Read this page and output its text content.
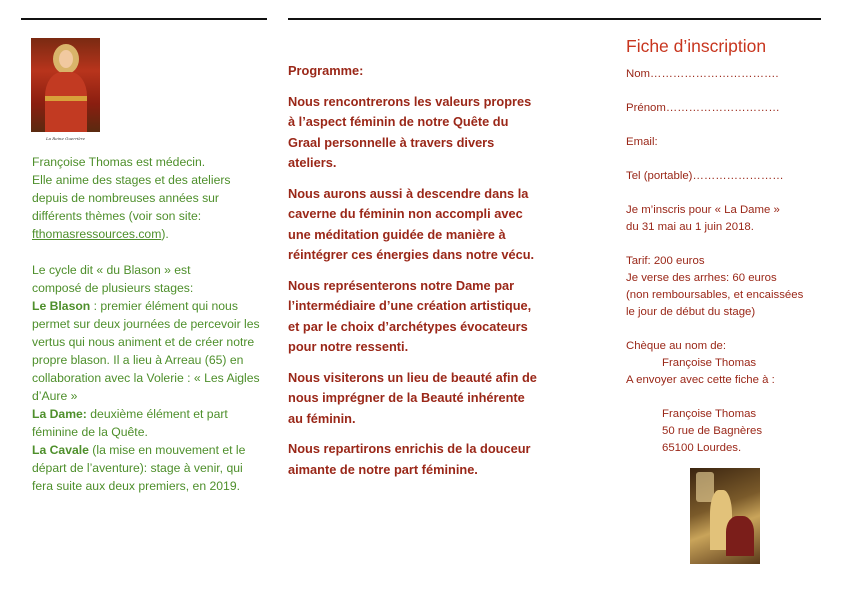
La Reine Guerrière

Françoise Thomas est médecin.

Elle anime des stages et des ateliers

depuis de nombreuses années sur

différents thèmes (voir son site:

fthomasressources.com).

Le cycle dit « du Blason » est

composé de plusieurs stages:

Le Blason : premier élément qui nous permet sur deux journées de percevoir les vertus qui nous animent et de créer notre propre blason. Il a lieu à Arreau (65) en collaboration avec la Volerie : « Les Aigles d’Aure »

La Dame: deuxième élément et part féminine de la Quête.

La Cavale (la mise en mouvement et le départ de l’aventure): stage à venir, qui fera suite aux deux premiers, en 2019.

Programme:

Nous rencontrerons les valeurs propres à l’aspect féminin de notre Quête du Graal personnelle à travers divers ateliers.

Nous aurons aussi à descendre dans la caverne du féminin non accompli avec une méditation guidée de manière à réintégrer ces énergies dans notre vécu.

Nous représenterons notre Dame par l’intermédiaire d’une création artistique, et par le choix d’archétypes évocateurs pour notre ressenti.

Nous visiterons un lieu de beauté afin de nous imprégner de la Beauté inhérente au féminin.

Nous repartirons enrichis de la douceur aimante de notre part féminine.

Fiche d’inscription

Nom…………………………….

Prénom…………………………

Email:

Tel (portable)……………………

Je m’inscris pour « La Dame »

du 31 mai au 1 juin 2018.

Tarif: 200 euros

Je verse des arrhes: 60 euros

(non remboursables, et encaissées

le jour de début du stage)

Chèque au nom de:

Françoise Thomas

A envoyer avec cette fiche à :

Françoise Thomas

50 rue de Bagnères

65100 Lourdes.
